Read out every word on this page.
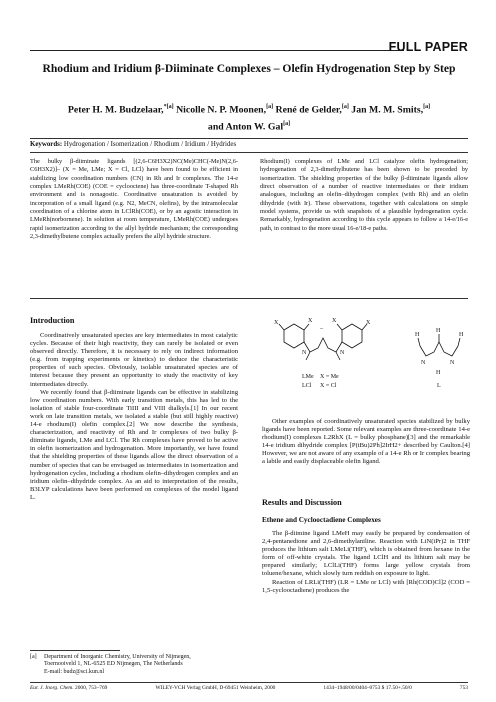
FULL PAPER
Rhodium and Iridium β-Diiminate Complexes – Olefin Hydrogenation Step by Step
Peter H. M. Budzelaar,$^{*[a]}$ Nicolle N. P. Moonen,[a] René de Gelder,[a] Jan M. M. Smits,[a]
and Anton W. Gal[a]
Keywords: Hydrogenation / Isomerization / Rhodium / Iridium / Hydrides
The bulky β-diiminate ligands [(2,6-C6H3X2)NC(Me)CHC(-Me)N(2,6-C6H3X2)]– (X = Me, LMe; X = Cl, LCl) have been found to be efficient in stabilizing low coordination numbers (CN) in Rh and Ir complexes. The 14-e complex LMeRh(COE) (COE = cyclooctene) has three-coordinate T-shaped Rh environment and is nonagostic. Coordinative unsaturation is avoided by incorporation of a small ligand (e.g. N2, MeCN, olefins), by the intramolecular coordination of a chlorine atom in LClRh(COE), or by an agostic interaction in LMeRh(norbornene). In solution at room temperature, LMeRh(COE) undergoes rapid isomerization according to the allyl hydride mechanism; the corresponding 2,3-dimethylbutene complex actually prefers the allyl hydride structure.
Rhodium(I) complexes of LMe and LCl catalyze olefin hydrogenation; hydrogenation of 2,3-dimethylbutene has been shown to be preceded by isomerization. The shielding properties of the bulky β-diiminate ligands allow direct observation of a number of reactive intermediates or their iridium analogues, including an olefin–dihydrogen complex (with Rh) and an olefin dihydride (with Ir). These observations, together with calculations on simple model systems, provide us with snapshots of a plausible hydrogenation cycle. Remarkably, hydrogenation according to this cycle appears to follow a 14-e/16-e path, in contrast to the more usual 16-e/18-e paths.
Introduction

Coordinatively unsaturated species are key intermediates in most catalytic cycles. Because of their high reactivity, they can rarely be isolated or even observed directly. Therefore, it is necessary to rely on indirect information (e.g. from trapping experiments or kinetics) to deduce the characteristic properties of such species. Obviously, isolable unsaturated species are of interest because they present an opportunity to study the reactivity of key intermediates directly.

We recently found that β-diiminate ligands can be effective in stabilizing low coordination numbers. With early transition metals, this has led to the isolation of stable four-coordinate TiIII and VIII dialkyls.[1] In our recent work on late transition metals, we isolated a stable (but still highly reactive) 14-e rhodium(I) olefin complex.[2] We now describe the synthesis, characterization, and reactivity of Rh and Ir complexes of two bulky β-diiminate ligands, LMe and LCl. The Rh complexes have proved to be active in olefin isomerization and hydrogenation. More importantly, we have found that the shielding properties of these ligands allow the direct observation of a number of species that can be envisaged as intermediates in isomerization and hydrogenation cycles, including a rhodium olefin–dihydrogen complex and an iridium olefin–dihydride complex. As an aid to interpretation of the results, B3LYP calculations have been performed on complexes of the model ligand L.

X	X	X	X
–
N	N
LMe X = Me
LCl X = Cl
H
H
H
N	N
H
L

Other examples of coordinatively unsaturated species stabilized by bulky ligands have been reported. Some relevant examples are three-coordinate 14-e rhodium(I) complexes L2RhX (L = bulky phosphane)[3] and the remarkable 14-e iridium dihydride complex [P(tBu)2Ph]2IrH2+ described by Caulton.[4] However, we are not aware of any example of a 14-e Rh or Ir complex bearing a labile and easily displaceable olefin ligand.

Results and Discussion
Ethene and Cyclooctadiene Complexes

The β-diimine ligand LMeH may easily be prepared by condensation of 2,4-pentanedione and 2,6-dimethylaniline. Reaction with LiN(iPr)2 in THF produces the lithium salt LMeLi(THF), which is obtained from hexane in the form of off-white crystals. The ligand LClH and its lithium salt may be prepared similarly; LClLi(THF) forms large yellow crystals from toluene/hexane, which slowly turn reddish on exposure to light.

Reaction of LRLi(THF) (LR = LMe or LCl) with [Rh(COD)Cl]2 (COD = 1,5-cyclooctadiene) produces the

[a] Department of Inorganic Chemistry, University of Nijmegen,
Toernooiveld 1, NL-6525 ED Nijmegen, The Netherlands
E-mail: budz@sci.kun.nl
Eur. J. Inorg. Chem. 2000, 753–769	WILEY-VCH Verlag GmbH, D-69451 Weinheim, 2000	1434–1948/00/0404–0753 $ 17.50+.50/0	753
